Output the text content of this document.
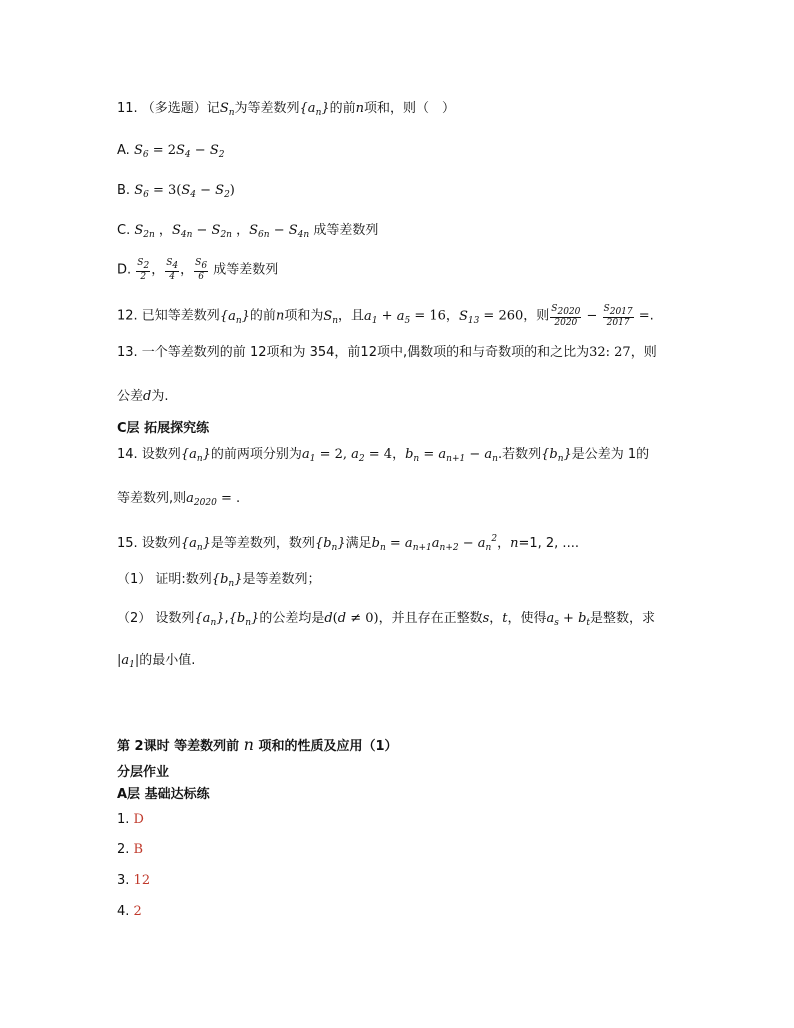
11. （多选题）记$S_n$为等差数列$\{a_n\}$的前n项和，则（　）
A. $S_6 = 2S_4 - S_2$
B. $S_6 = 3(S_4 - S_2)$
C. $S_{2n}$ ，$S_{4n} - S_{2n}$ ，$S_{6n} - S_{4n}$ 成等差数列
D. $\frac{S_2}{2}$ ， $\frac{S_4}{4}$ ， $\frac{S_6}{6}$ 成等差数列
12. 已知等差数列$\{a_n\}$的前n项和为$S_n$，且$a_1 + a_5 = 16$，$S_{13} = 260$，则 $\frac{S_{2020}}{2020} - \frac{S_{2017}}{2017}$ =.
13. 一个等差数列的前 12项和为 354，前12项中,偶数项的和与奇数项的和之比为32: 27，则
公差d为.
C层 拓展探究练
14. 设数列$\{a_n\}$的前两项分别为$a_1 = 2$, $a_2 = 4$，$b_n = a_{n+1} - a_n$.若数列$\{b_n\}$是公差为 1的
等差数列,则$a_{2020}$ = .
15. 设数列$\{a_n\}$是等差数列，数列$\{b_n\}$满足$b_n = a_{n+1}a_{n+2} - a_n^2$，n=1, 2, ....
（1） 证明:数列$\{b_n\}$是等差数列；
（2） 设数列$\{a_n\},\{b_n\}$的公差均是d(d ≠ 0)，并且存在正整数s，t，使得$a_s + b_t$是整数，求
$|a_1|$的最小值.
第 2课时 等差数列前 n 项和的性质及应用（1）
分层作业
A层 基础达标练
1. D
2. B
3. 12
4. 2
